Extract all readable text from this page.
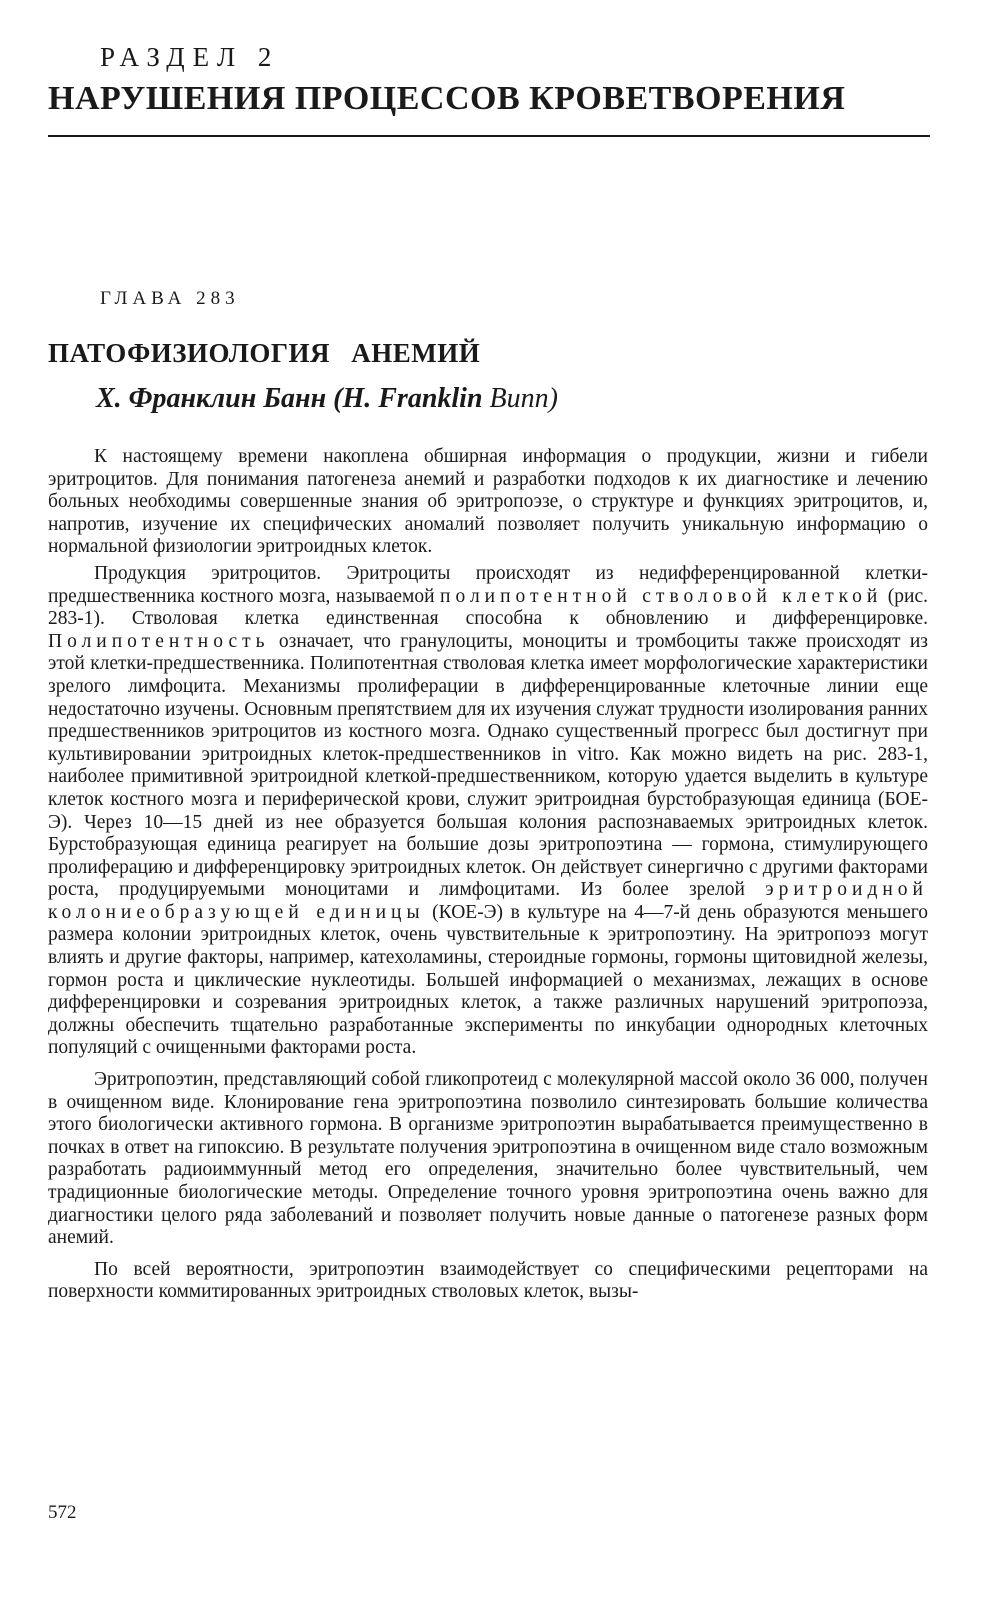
РАЗДЕЛ 2
НАРУШЕНИЯ ПРОЦЕССОВ КРОВЕТВОРЕНИЯ
ГЛАВА 283
ПАТОФИЗИОЛОГИЯ АНЕМИЙ
Х. Франклин Банн (H. Franklin Bunn)

К настоящему времени накоплена обширная информация о продукции, жизни и гибели эритроцитов. Для понимания патогенеза анемий и разработки подходов к их диагностике и лечению больных необходимы совершенные знания об эритропоэзе, о структуре и функциях эритроцитов, и, напротив, изучение их специфических аномалий позволяет получить уникальную информацию о нормальной физиологии эритроидных клеток.

Продукция эритроцитов. Эритроциты происходят из недифференцированной клетки-предшественника костного мозга, называемой полипотентной стволовой клеткой (рис. 283-1). Стволовая клетка единственная способна к обновлению и дифференцировке. Полипотентность означает, что гранулоциты, моноциты и тромбоциты также происходят из этой клетки-предшественника. Полипотентная стволовая клетка имеет морфологические характеристики зрелого лимфоцита. Механизмы пролиферации в дифференцированные клеточные линии еще недостаточно изучены. Основным препятствием для их изучения служат трудности изолирования ранних предшественников эритроцитов из костного мозга. Однако существенный прогресс был достигнут при культивировании эритроидных клеток-предшественников in vitro. Как можно видеть на рис. 283-1, наиболее примитивной эритроидной клеткой-предшественником, которую удается выделить в культуре клеток костного мозга и периферической крови, служит эритроидная бурстобразующая единица (БОЕ-Э). Через 10—15 дней из нее образуется большая колония распознаваемых эритроидных клеток. Бурстобразующая единица реагирует на большие дозы эритропоэтина — гормона, стимулирующего пролиферацию и дифференцировку эритроидных клеток. Он действует синергично с другими факторами роста, продуцируемыми моноцитами и лимфоцитами. Из более зрелой эритроидной колониеобразующей единицы (КОЕ-Э) в культуре на 4—7-й день образуются меньшего размера колонии эритроидных клеток, очень чувствительные к эритропоэтину. На эритропоэз могут влиять и другие факторы, например, катехоламины, стероидные гормоны, гормоны щитовидной железы, гормон роста и циклические нуклеотиды. Большей информацией о механизмах, лежащих в основе дифференцировки и созревания эритроидных клеток, а также различных нарушений эритропоэза, должны обеспечить тщательно разработанные эксперименты по инкубации однородных клеточных популяций с очищенными факторами роста.

Эритропоэтин, представляющий собой гликопротеид с молекулярной массой около 36 000, получен в очищенном виде. Клонирование гена эритропоэтина позволило синтезировать большие количества этого биологически активного гормона. В организме эритропоэтин вырабатывается преимущественно в почках в ответ на гипоксию. В результате получения эритропоэтина в очищенном виде стало возможным разработать радиоиммунный метод его определения, значительно более чувствительный, чем традиционные биологические методы. Определение точного уровня эритропоэтина очень важно для диагностики целого ряда заболеваний и позволяет получить новые данные о патогенезе разных форм анемий.

По всей вероятности, эритропоэтин взаимодействует со специфическими рецепторами на поверхности коммитированных эритроидных стволовых клеток, вызы-

572
